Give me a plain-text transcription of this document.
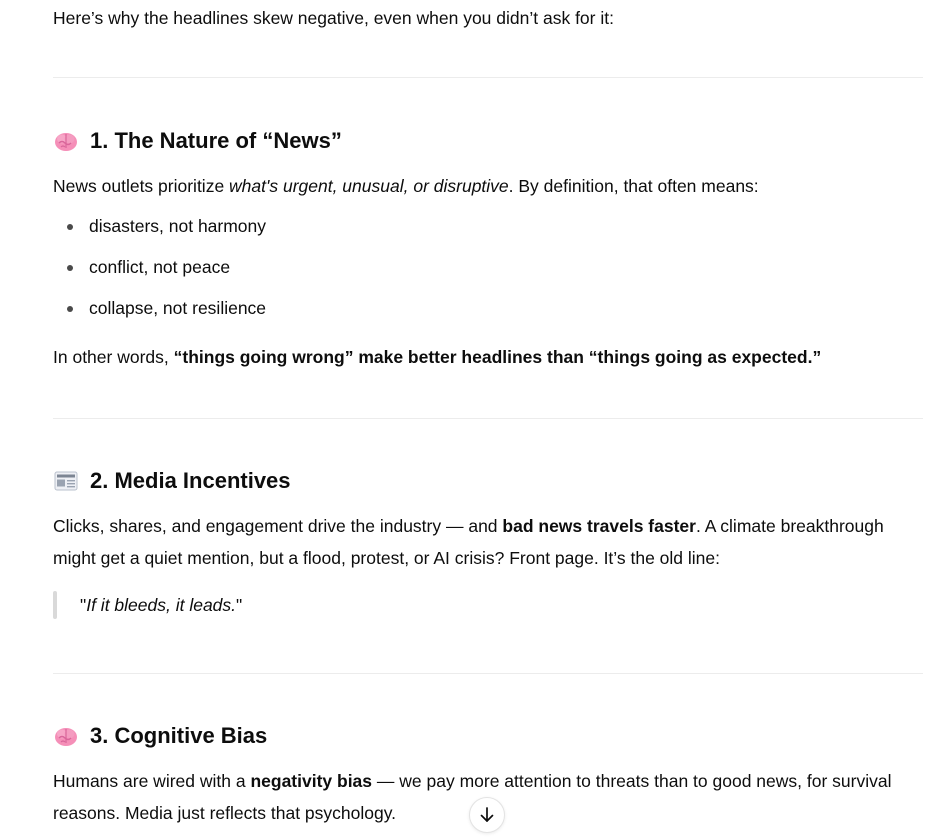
Here’s why the headlines skew negative, even when you didn’t ask for it:
1. The Nature of “News”
News outlets prioritize what's urgent, unusual, or disruptive. By definition, that often means:
disasters, not harmony
conflict, not peace
collapse, not resilience
In other words, “things going wrong” make better headlines than “things going as expected.”
2. Media Incentives
Clicks, shares, and engagement drive the industry — and bad news travels faster. A climate breakthrough might get a quiet mention, but a flood, protest, or AI crisis? Front page. It’s the old line:
" If it bleeds, it leads. "
3. Cognitive Bias
Humans are wired with a negativity bias — we pay more attention to threats than to good news, for survival reasons. Media just reflects that psychology.
